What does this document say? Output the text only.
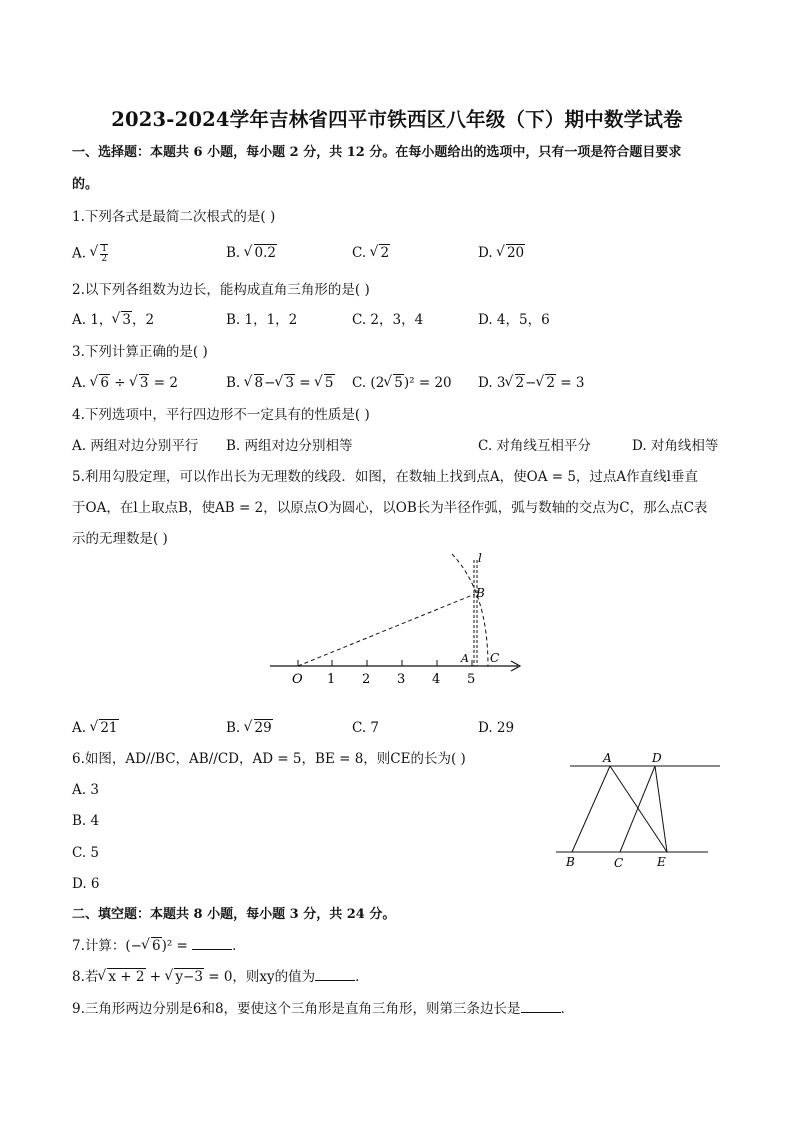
2023-2024学年吉林省四平市铁西区八年级（下）期中数学试卷
一、选择题：本题共 6 小题，每小题 2 分，共 12 分。在每小题给出的选项中，只有一项是符合题目要求
的。
1.下列各式是最简二次根式的是( )
A. √ $\frac{1}{2}$	B. √ 0.2	C. √ 2	D. √ 20
2.以下列各组数为边长，能构成直角三角形的是( )
A. 1， √ 3，2	B. 1，1，2	C. 2，3，4	D. 4，5，6
3.下列计算正确的是( )
A. √ 6 ÷ √ 3 = 2	B. √ 8− √ 3 = √ 5 C. (2 √ 5)² = 20 D. 3 √ 2− √ 2 = 3
4.下列选项中，平行四边形不一定具有的性质是( )
A. 两组对边分别平行 B. 两组对边分别相等	C. 对角线互相平分	D. 对角线相等
5.利用勾股定理，可以作出长为无理数的线段．如图，在数轴上找到点A，使OA = 5，过点A作直线l垂直
于OA，在l上取点B，使AB = 2，以原点O为圆心，以OB长为半径作弧，弧与数轴的交点为C，那么点C表
示的无理数是( )
l
B
A C
O 1 2 3 4 5
A. √ 21	B. √ 29	C. 7	D. 29
6.如图，AD//BC，AB//CD，AD = 5，BE = 8，则CE的长为( )
A. 3
B. 4
C. 5
D. 6
A	D
B	C	E
二、填空题：本题共 8 小题，每小题 3 分，共 24 分。
7.计算：(− √ 6)² =	．
8.若 √ x + 2 + √ y−3 = 0，则xy的值为	．
9.三角形两边分别是6和8，要使这个三角形是直角三角形，则第三条边长是	．
